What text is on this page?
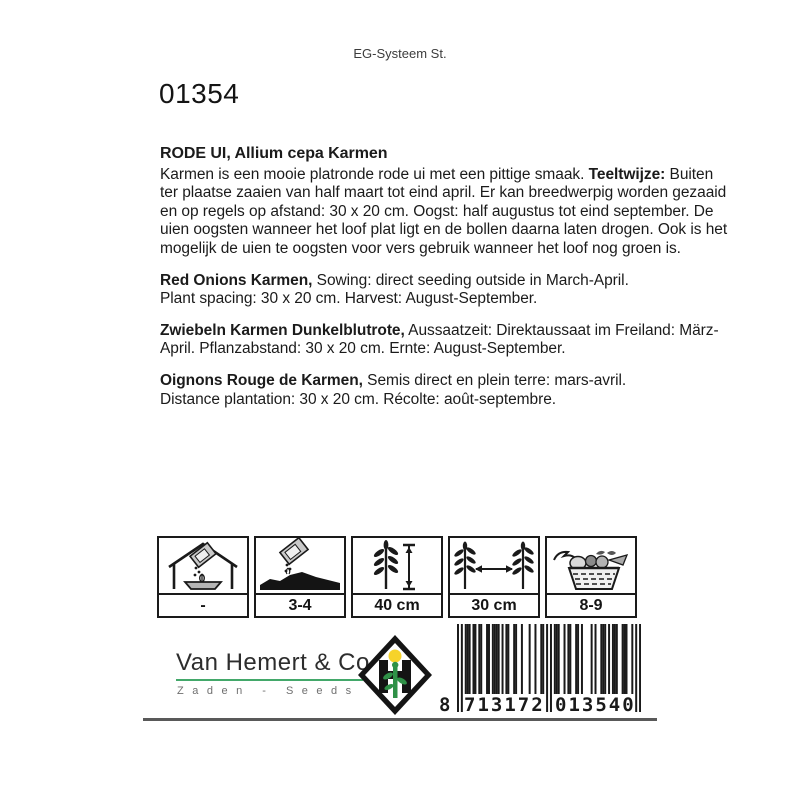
EG-Systeem St.
01354
RODE UI, Allium cepa Karmen
Karmen is een mooie platronde rode ui met een pittige smaak. Teeltwijze: Buiten
ter plaatse zaaien van half maart tot eind april. Er kan breedwerpig worden gezaaid
en op regels op afstand: 30 x 20 cm. Oogst: half augustus tot eind september. De
uien oogsten wanneer het loof plat ligt en de bollen daarna laten drogen. Ook is het
mogelijk de uien te oogsten voor vers gebruik wanneer het loof nog groen is.
Red Onions Karmen, Sowing: direct seeding outside in March-April.
Plant spacing: 30 x 20 cm. Harvest: August-September.
Zwiebeln Karmen Dunkelblutrote, Aussaatzeit: Direktaussaat im Freiland: März-
April. Pflanzabstand: 30 x 20 cm. Ernte: August-September.
Oignons Rouge de Karmen, Semis direct en plein terre: mars-avril.
Distance plantation: 30 x 20 cm. Récolte: août-septembre.
-	3-4	40 cm	30 cm	8-9
Van Hemert & Co
Zaden - Seeds
8 713172 013540
